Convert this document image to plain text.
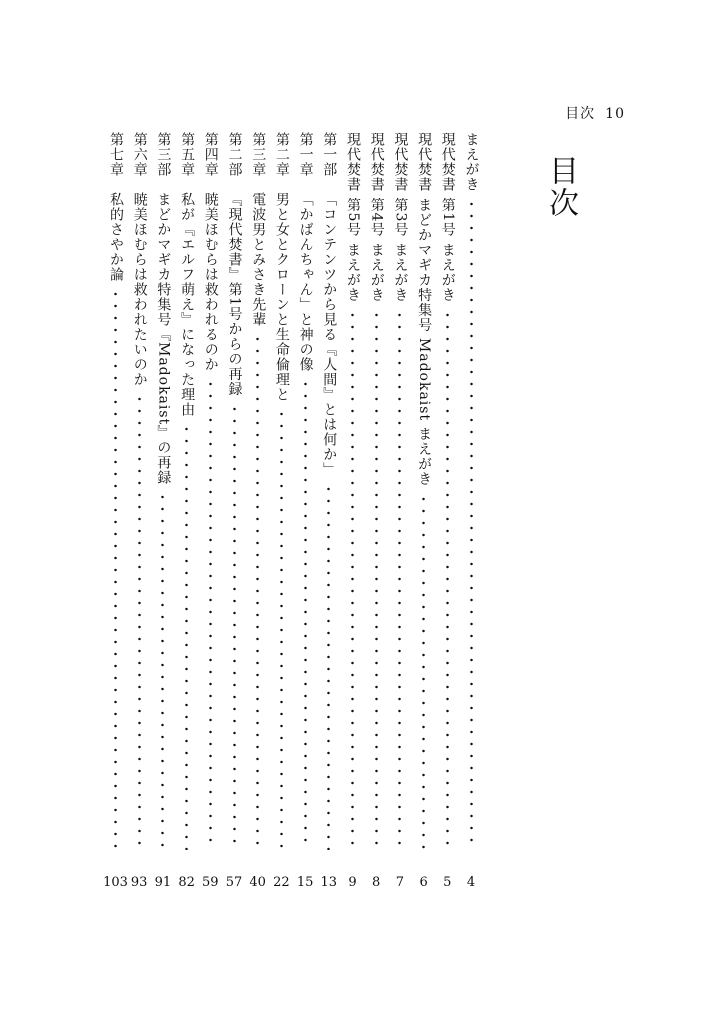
目次 10
目次
まえがき
4
現代焚書 第1号 まえがき
5
現代焚書 まどかマギカ特集号 Madokaist まえがき
6
現代焚書 第3号 まえがき
7
現代焚書 第4号 まえがき
8
現代焚書 第5号 まえがき
9
第一部
「コンテンツから見る『人間』とは何か」
13
第一章
「かばんちゃん」と神の像
15
第二章
男と女とクローンと生命倫理と
22
第三章
電波男とみさき先輩
40
第二部
『現代焚書』第1号からの再録
57
第四章
暁美ほむらは救われるのか
59
第五章
私が『エルフ萌え』になった理由
82
第三部
まどかマギカ特集号『Madokaist』の再録
91
第六章
暁美ほむらは救われたいのか
93
第七章
私的さやか論
103
